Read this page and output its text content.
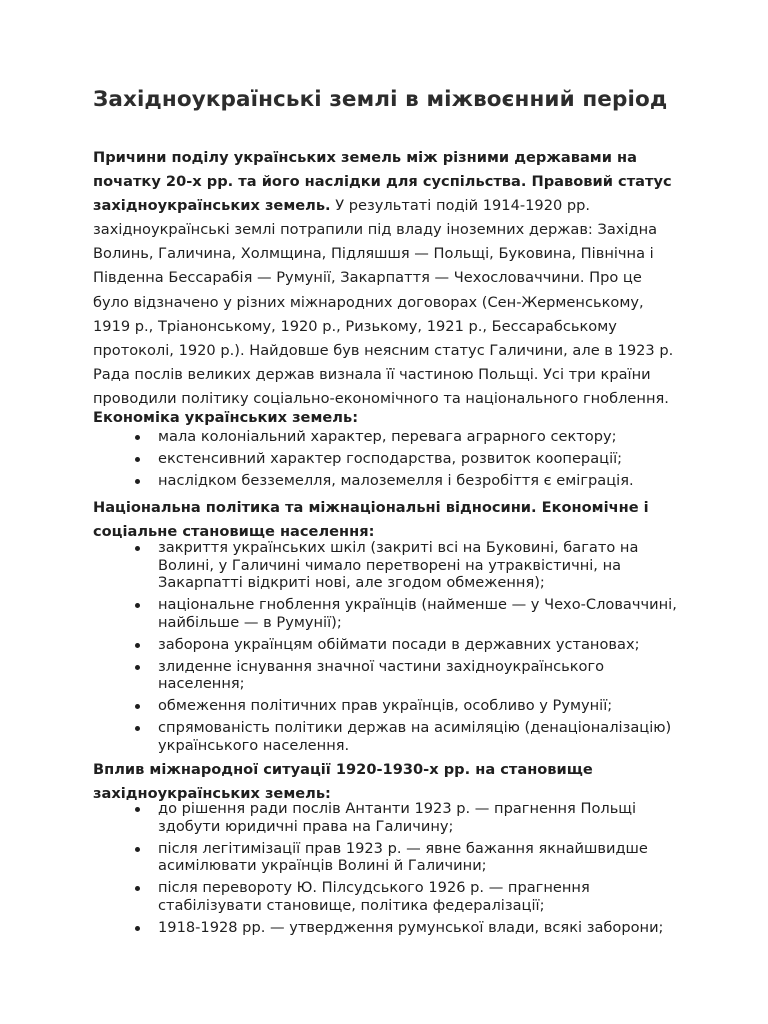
Західноукраїнські землі в міжвоєнний період

Причини поділу українських земель між різними державами на початку 20-х рр. та його наслідки для суспільства. Правовий статус західноукраїнських земель. У результаті подій 1914-1920 рр. західноукраїнські землі потрапили під владу іноземних держав: Західна Волинь, Галичина, Холмщина, Підляшшя — Польщі, Буковина, Північна і Південна Бессарабія — Румунії, Закарпаття — Чехословаччини. Про це було відзначено у різних міжнародних договорах (Сен-Жерменському, 1919 р., Тріанонському, 1920 р., Ризькому, 1921 р., Бессарабському протоколі, 1920 р.). Найдовше був неясним статус Галичини, але в 1923 р. Рада послів великих держав визнала її частиною Польщі. Усі три країни проводили політику соціально-економічного та національного гноблення.

Економіка українських земель:

мала колоніальний характер, перевага аграрного сектору;
екстенсивний характер господарства, розвиток кооперації;
наслідком безземелля, малоземелля і безробіття є еміграція.

Національна політика та міжнаціональні відносини. Економічне і соціальне становище населення:

закриття українських шкіл (закриті всі на Буковині, багато на Волині, у Галичині чимало перетворені на утраквістичні, на Закарпатті відкриті нові, але згодом обмеження);
національне гноблення українців (найменше — у Чехо-Словаччині, найбільше — в Румунії);
заборона українцям обіймати посади в державних установах;
злиденне існування значної частини західноукраїнського населення;
обмеження політичних прав українців, особливо у Румунії;
спрямованість політики держав на асиміляцію (денаціоналізацію) українського населення.

Вплив міжнародної ситуації 1920-1930-х рр. на становище західноукраїнських земель:

до рішення ради послів Антанти 1923 р. — прагнення Польщі здобути юридичні права на Галичину;
після легітимізації прав 1923 р. — явне бажання якнайшвидше асимілювати українців Волині й Галичини;
після перевороту Ю. Пілсудського 1926 р. — прагнення стабілізувати становище, політика федералізації;
1918-1928 рр. — утвердження румунської влади, всякі заборони;
